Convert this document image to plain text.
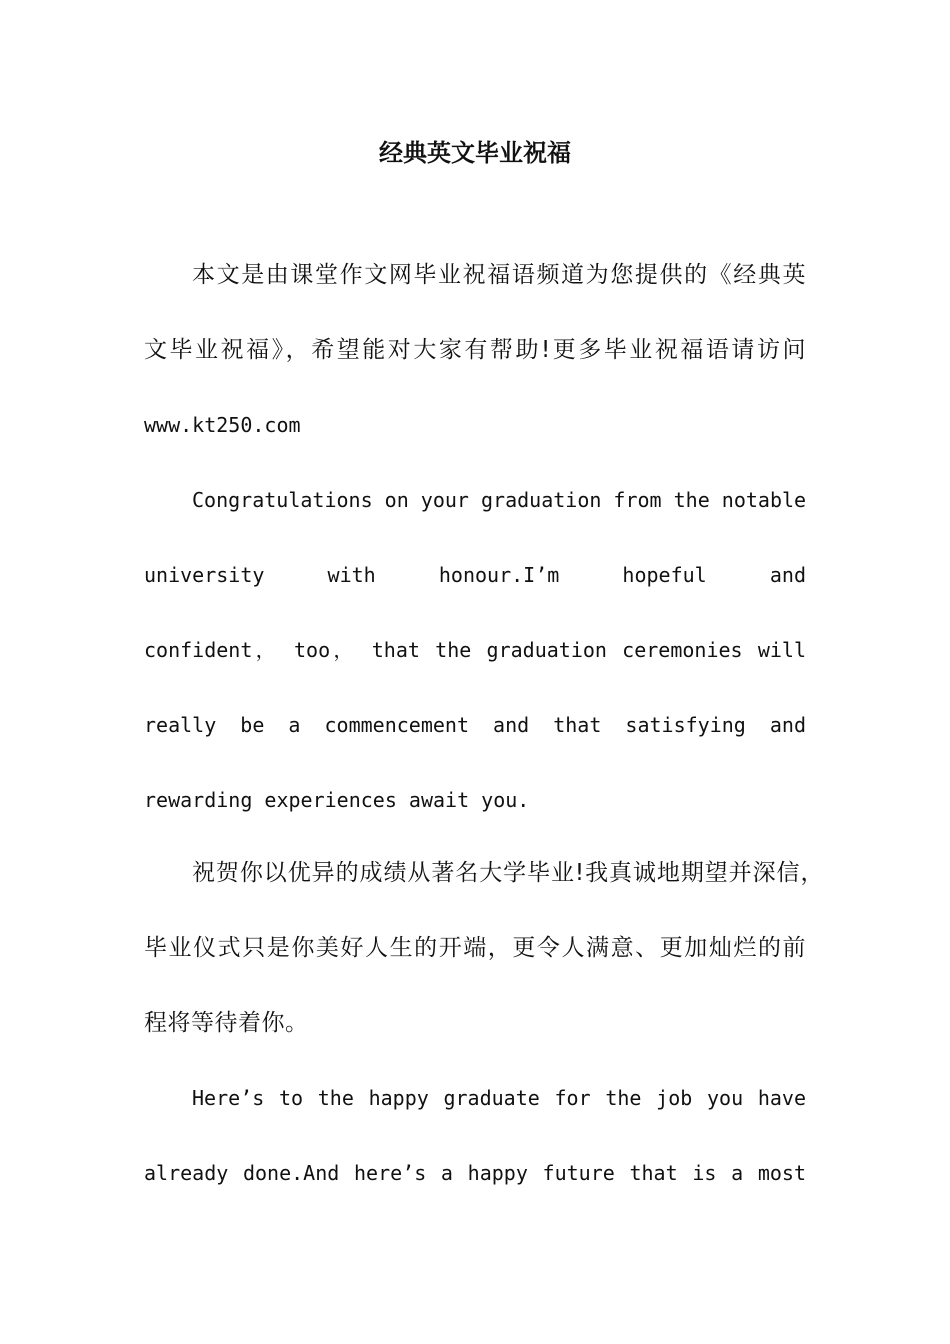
经典英文毕业祝福
本文是由课堂作文网毕业祝福语频道为您提供的《经典英
文毕业祝福》，希望能对大家有帮助!更多毕业祝福语请访问
www.kt250.com
Congratulations on your graduation from the notable
university with honour.I’m hopeful and
confident， too， that the graduation ceremonies will
really be a commencement and that satisfying and
rewarding experiences await you.
祝贺你以优异的成绩从著名大学毕业!我真诚地期望并深信，
毕业仪式只是你美好人生的开端，更令人满意、更加灿烂的前
程将等待着你。
Here’s to the happy graduate for the job you have
already done.And here’s a happy future that is a most
